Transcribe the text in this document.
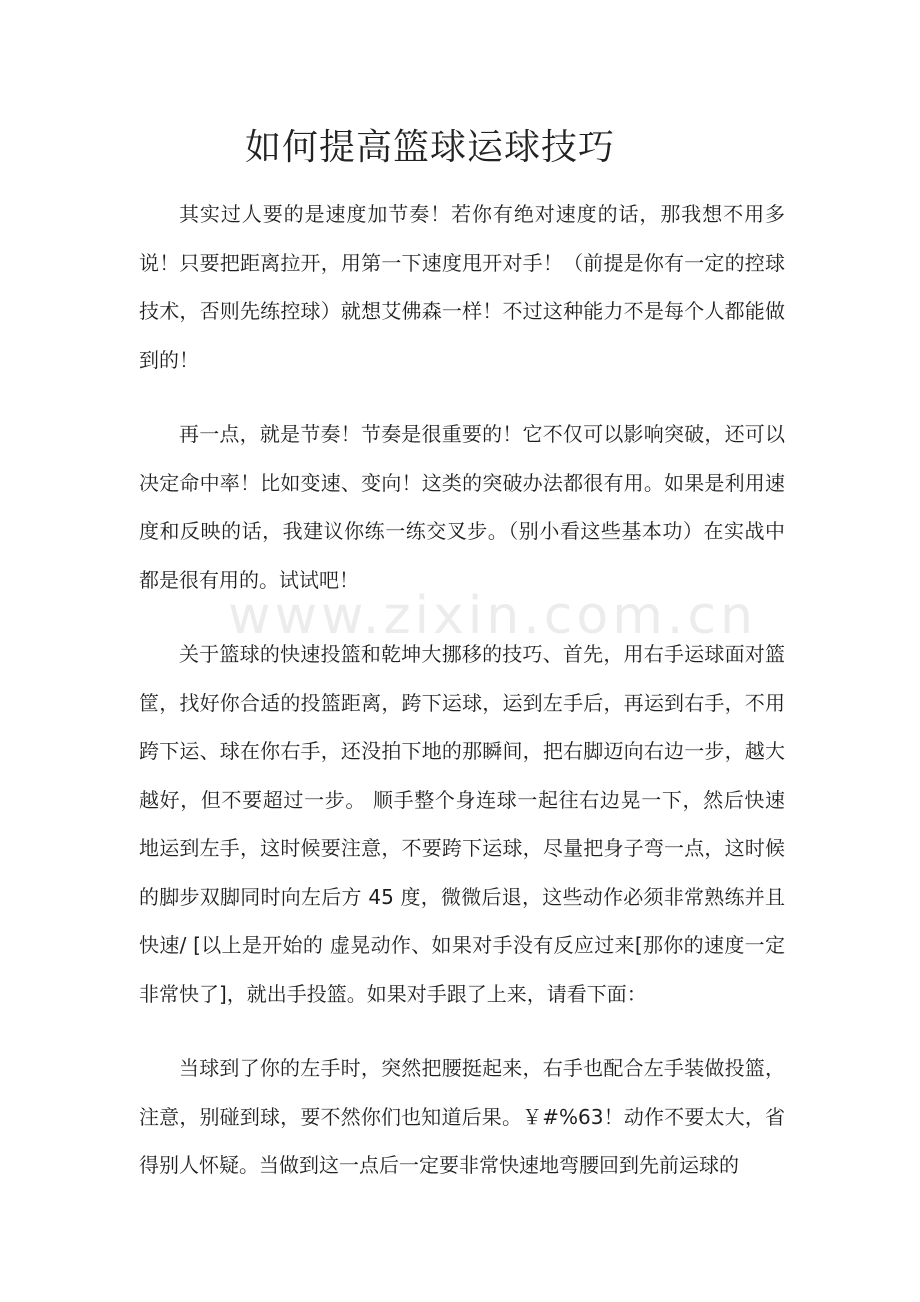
如何提高篮球运球技巧

其实过人要的是速度加节奏！若你有绝对速度的话，那我想不用多说！只要把距离拉开，用第一下速度甩开对手！（前提是你有一定的控球技术，否则先练控球）就想艾佛森一样！不过这种能力不是每个人都能做到的！

再一点，就是节奏！节奏是很重要的！它不仅可以影响突破，还可以决定命中率！比如变速、变向！这类的突破办法都很有用。如果是利用速度和反映的话，我建议你练一练交叉步。（别小看这些基本功）在实战中都是很有用的。试试吧！

关于篮球的快速投篮和乾坤大挪移的技巧、首先，用右手运球面对篮筐，找好你合适的投篮距离，跨下运球，运到左手后，再运到右手，不用跨下运、球在你右手，还没拍下地的那瞬间，把右脚迈向右边一步，越大越好，但不要超过一步。 顺手整个身连球一起往右边晃一下，然后快速地运到左手，这时候要注意，不要跨下运球，尽量把身子弯一点，这时候的脚步双脚同时向左后方 45 度，微微后退，这些动作必须非常熟练并且快速/ [以上是开始的 虚晃动作、如果对手没有反应过来[那你的速度一定非常快了]，就出手投篮。如果对手跟了上来，请看下面：

当球到了你的左手时，突然把腰挺起来，右手也配合左手装做投篮，注意，别碰到球，要不然你们也知道后果。￥#%63！动作不要太大，省得别人怀疑。当做到这一点后一定要非常快速地弯腰回到先前运球的

www.zixin.com.cn
